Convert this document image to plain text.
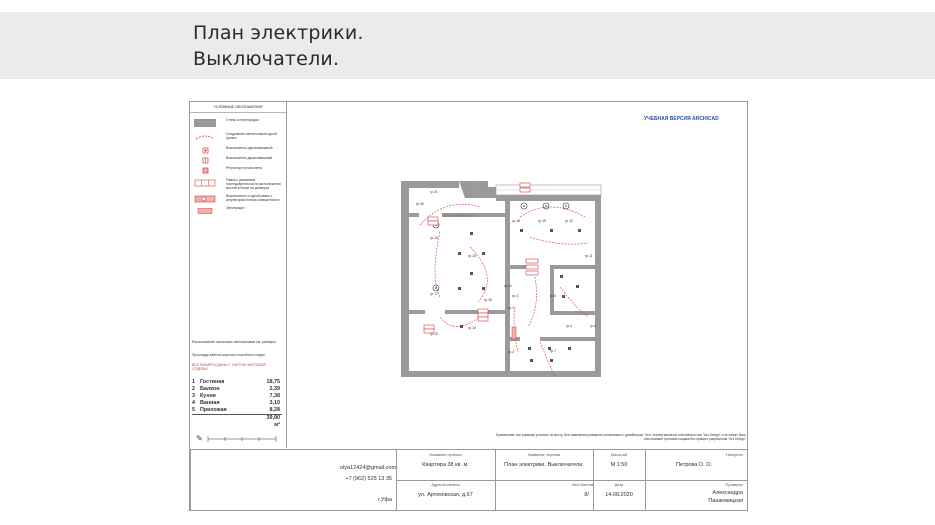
План электрики.
Выключатели.
УСЛОВНЫЕ ОБОЗНАЧЕНИЯ
Стены и перегородки
Соединение светильников одной группы
Выключатель одноклавишный
Выключатель двухклавишный
Регулятор потока света
Рамка с указанием последовательности расположения мостов в блоке на размерах
Выключатель и одной рамке с регулятором потока освещенности
Электрощит
Расположение настенных светильников см. размеры
Прокладку кабеля скрытым способом в гофре.
ВСЕ РАЗМЕРЫ ДАНЫ С УЧЕТОМ ЧИСТОВОЙ ОТДЕЛКИ
1 Гостиная	18,75
2 Балкон	2,39
3 Кухня	7,38
4 Ванная	3,10
5 Прихожая	8,28
39,90 м²
✎
УЧЕБНАЯ ВЕРСИЯ ARCHICAD
гр.31
гр.30
гр.20
гр.15
гр.17
гр.13
гр.14
гр.16
гр.18	гр.19	гр.12
гр.11
гр.3
гр.1
гр.5
гр.4	гр.6
гр.7
гр.2
гр.21
Примечание: все размеры уточнять по месту. Все изменения размеров согласованы с дизайнером. Этот чертеж является собственностью "Ars Design" и не может быть использован третьими лицами без прямого разрешения "Ars Design"
olya12424@gmail.com
+7 (962) 525 13 35
г.Уфа
Название проекта
Квартира 38 кв. м.
Адрес/Контакты
ул. Артековская, д.67
Название чертежа
План электрики. Выключатели.
Лист/Листов
8/
Масштаб
М 1:50
Дата
14.08.2020
Начертил
Петрова О. О.
Проверил
Александра
Пашковицкая
